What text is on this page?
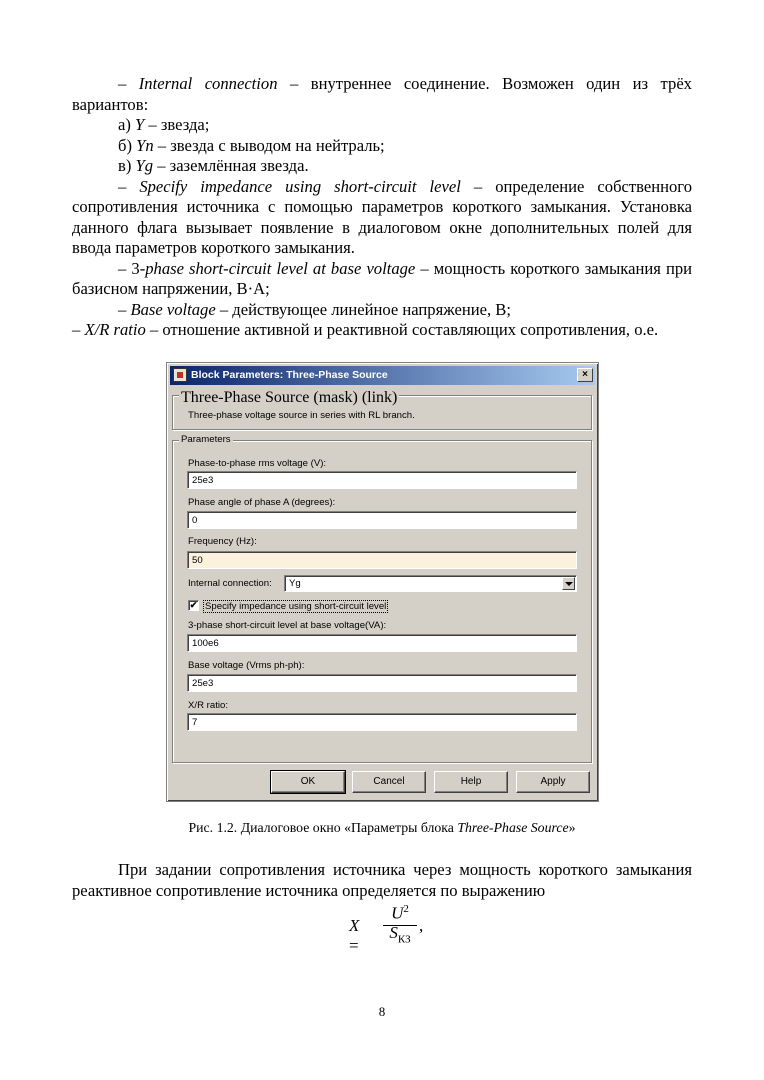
– Internal connection – внутреннее соединение. Возможен один из трёх вариантов:

а) Y – звезда;

б) Yn – звезда с выводом на нейтраль;

в) Yg – заземлённая звезда.

– Specify impedance using short-circuit level – определение собственного сопротивления источника с помощью параметров короткого замыкания. Установка данного флага вызывает появление в диалоговом окне дополнительных полей для ввода параметров короткого замыкания.

– 3-phase short-circuit level at base voltage – мощность короткого замыкания при базисном напряжении, В·А;

– Base voltage – действующее линейное напряжение, В;

– X/R ratio – отношение активной и реактивной составляющих сопротивления, о.е.

Block Parameters: Three-Phase Source	×
Three-Phase Source (mask) (link)
Three-phase voltage source in series with RL branch.
Parameters
Phase-to-phase rms voltage (V):
25e3
Phase angle of phase A (degrees):
0
Frequency (Hz):
50
Internal connection:	Yg
✔ Specify impedance using short-circuit level
3-phase short-circuit level at base voltage(VA):
100e6
Base voltage (Vrms ph-ph):
25e3
X/R ratio:
7
OK	Cancel	Help	Apply
Рис. 1.2. Диалоговое окно «Параметры блока Three-Phase Source»

При задании сопротивления источника через мощность короткого замыкания реактивное сопротивление источника определяется по выражению

X =
$U^2$
$S_{КЗ}$
,
8
